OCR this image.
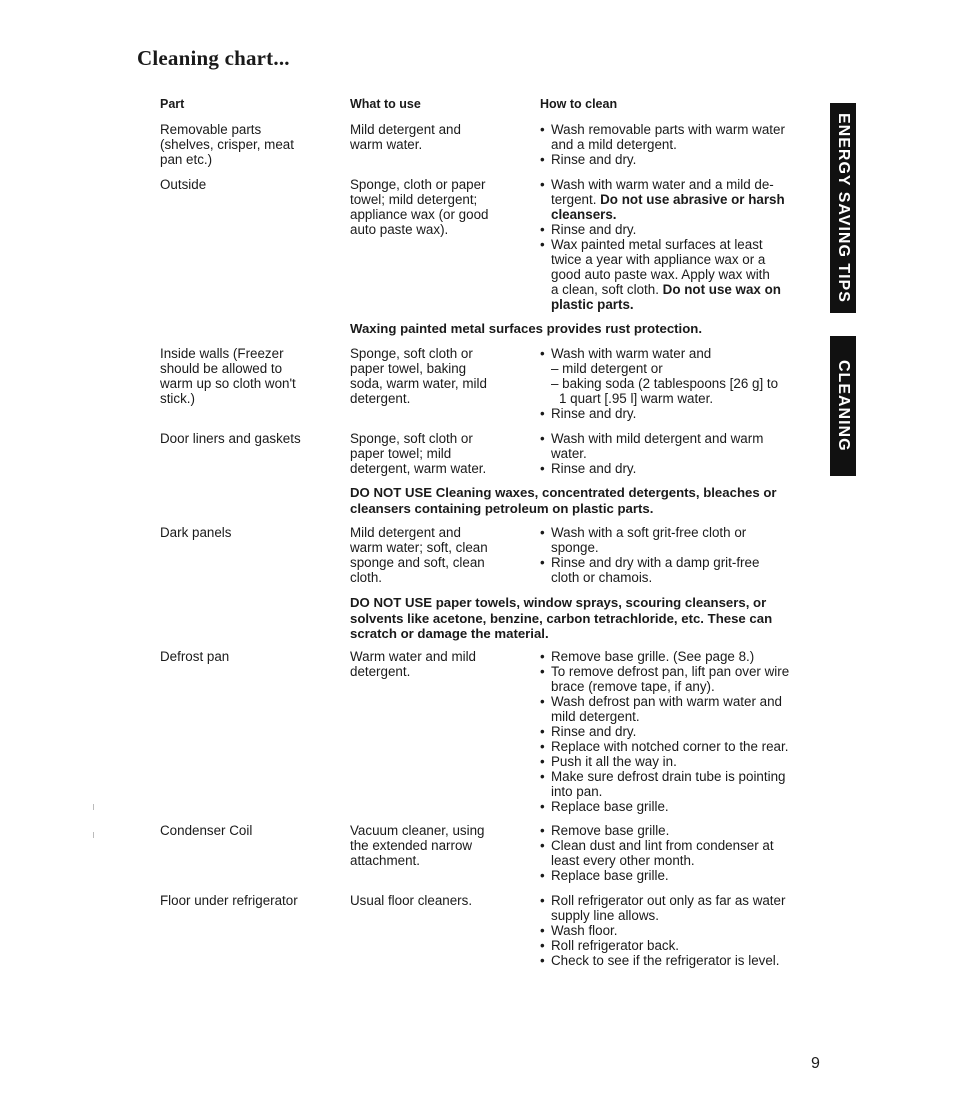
Cleaning chart...
Part	What to use	How to clean
Removable parts
(shelves, crisper, meat
pan etc.)
Mild detergent and
warm water.
• Wash removable parts with warm water
and a mild detergent.
• Rinse and dry.
Outside	Sponge, cloth or paper
towel; mild detergent;
appliance wax (or good
auto paste wax).
• Wash with warm water and a mild de-
tergent. Do not use abrasive or harsh cleansers.
• Rinse and dry.
• Wax painted metal surfaces at least
twice a year with appliance wax or a
good auto paste wax. Apply wax with
a clean, soft cloth. Do not use wax on plastic parts.
Waxing painted metal surfaces provides rust protection.
Inside walls (Freezer
should be allowed to
warm up so cloth won't
stick.)
Sponge, soft cloth or
paper towel, baking
soda, warm water, mild
detergent.
• Wash with warm water and
– mild detergent or
– baking soda (2 tablespoons [26 g] to
1 quart [.95 l] warm water.
• Rinse and dry.
Door liners and gaskets	Sponge, soft cloth or
paper towel; mild
detergent, warm water.
• Wash with mild detergent and warm
water.
• Rinse and dry.
DO NOT USE Cleaning waxes, concentrated detergents, bleaches or cleansers containing petroleum on plastic parts.
Dark panels	Mild detergent and
warm water; soft, clean
sponge and soft, clean
cloth.
• Wash with a soft grit-free cloth or
sponge.
• Rinse and dry with a damp grit-free
cloth or chamois.
DO NOT USE paper towels, window sprays, scouring cleansers, or solvents like acetone, benzine, carbon tetrachloride, etc. These can scratch or damage the material.
Defrost pan	Warm water and mild
detergent.
• Remove base grille. (See page 8.)
• To remove defrost pan, lift pan over wire
brace (remove tape, if any).
• Wash defrost pan with warm water and
mild detergent.
• Rinse and dry.
• Replace with notched corner to the rear.
• Push it all the way in.
• Make sure defrost drain tube is pointing
into pan.
• Replace base grille.
Condenser Coil	Vacuum cleaner, using
the extended narrow
attachment.
• Remove base grille.
• Clean dust and lint from condenser at
least every other month.
• Replace base grille.
Floor under refrigerator	Usual floor cleaners.
•	Roll refrigerator out only as far as water
supply line allows.
• Wash floor.
• Roll refrigerator back.
• Check to see if the refrigerator is level.
ENERGY SAVING TIPS
CLEANING
9
